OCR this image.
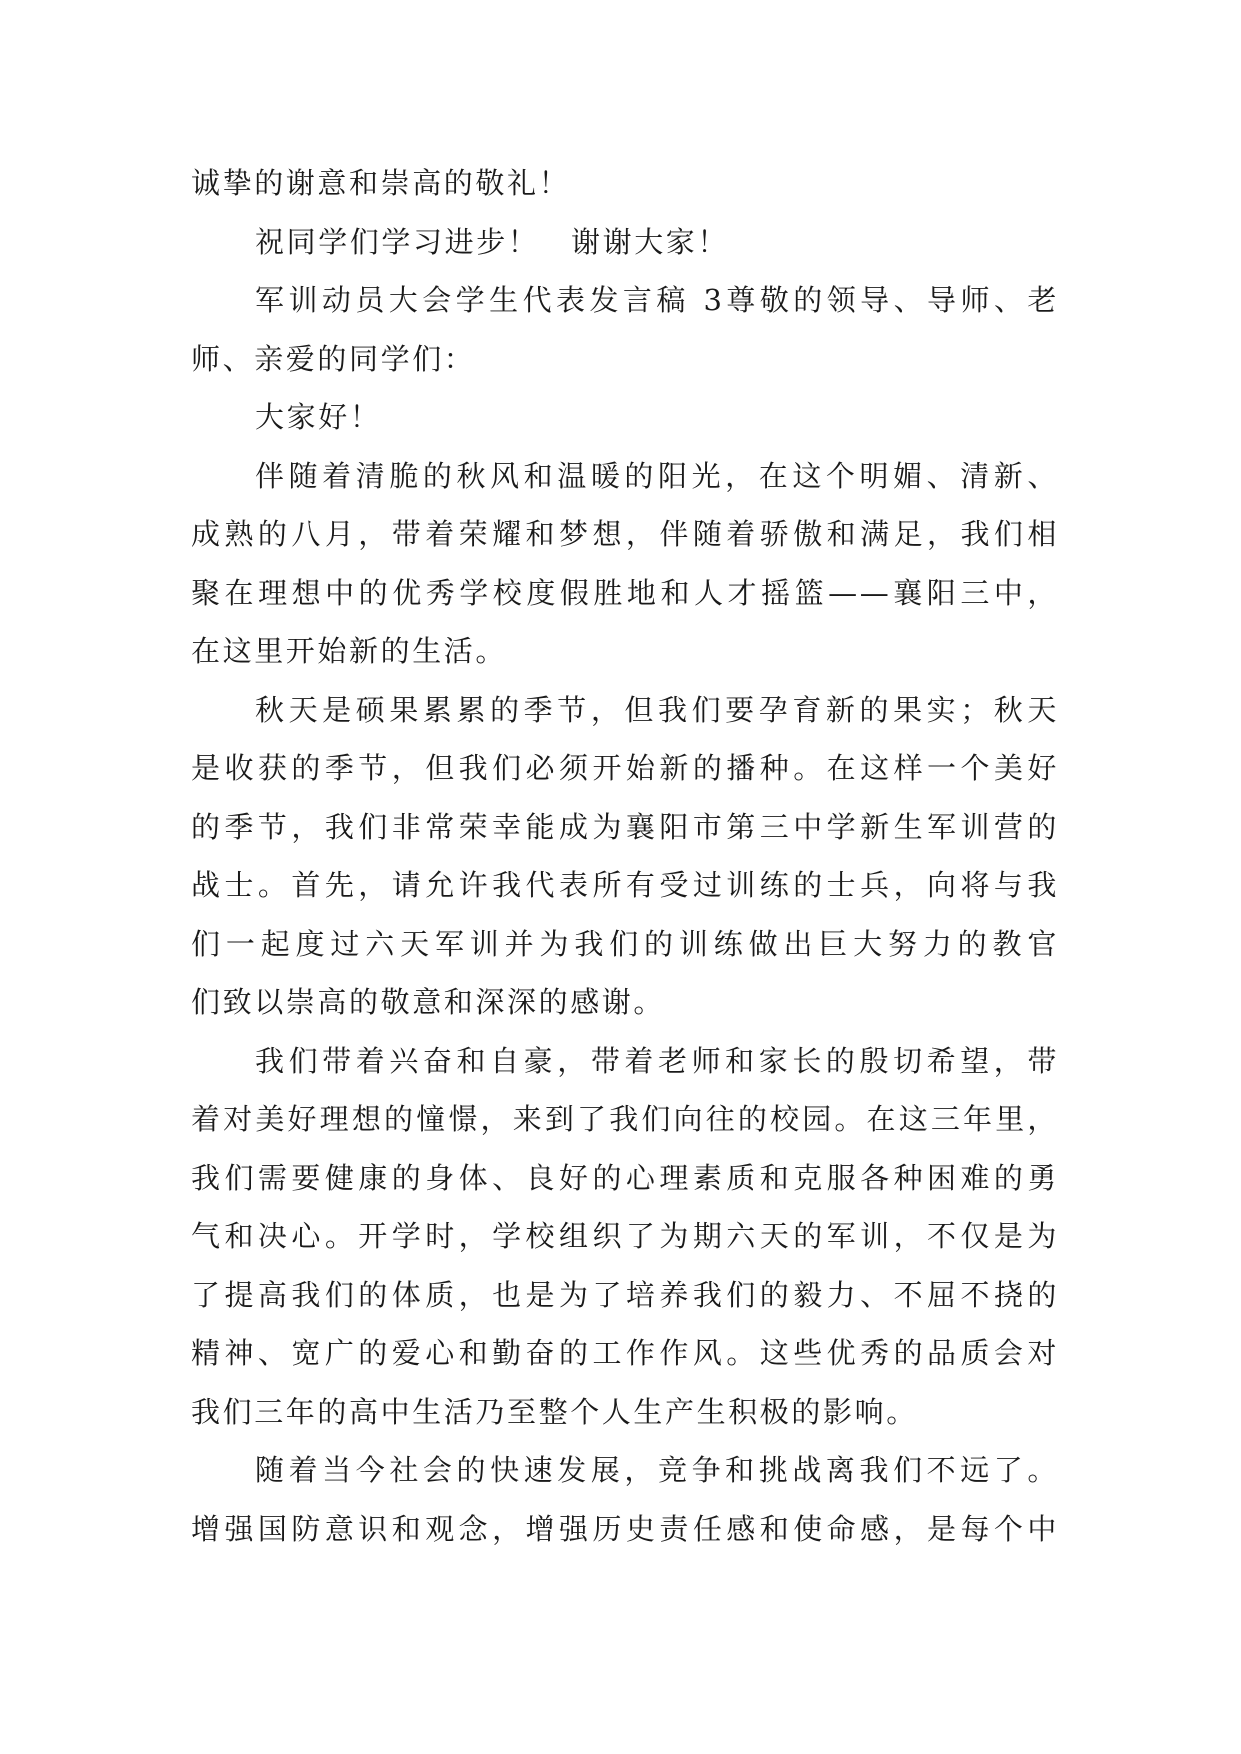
诚挚的谢意和崇高的敬礼！
祝同学们学习进步！　谢谢大家！
军训动员大会学生代表发言稿 3尊敬的领导、导师、老
师、亲爱的同学们：
大家好！
伴随着清脆的秋风和温暖的阳光，在这个明媚、清新、
成熟的八月，带着荣耀和梦想，伴随着骄傲和满足，我们相
聚在理想中的优秀学校度假胜地和人才摇篮——襄阳三中，
在这里开始新的生活。
秋天是硕果累累的季节，但我们要孕育新的果实；秋天
是收获的季节，但我们必须开始新的播种。在这样一个美好
的季节，我们非常荣幸能成为襄阳市第三中学新生军训营的
战士。首先，请允许我代表所有受过训练的士兵，向将与我
们一起度过六天军训并为我们的训练做出巨大努力的教官
们致以崇高的敬意和深深的感谢。
我们带着兴奋和自豪，带着老师和家长的殷切希望，带
着对美好理想的憧憬，来到了我们向往的校园。在这三年里，
我们需要健康的身体、良好的心理素质和克服各种困难的勇
气和决心。开学时，学校组织了为期六天的军训，不仅是为
了提高我们的体质，也是为了培养我们的毅力、不屈不挠的
精神、宽广的爱心和勤奋的工作作风。这些优秀的品质会对
我们三年的高中生活乃至整个人生产生积极的影响。
随着当今社会的快速发展，竞争和挑战离我们不远了。
增强国防意识和观念，增强历史责任感和使命感，是每个中
